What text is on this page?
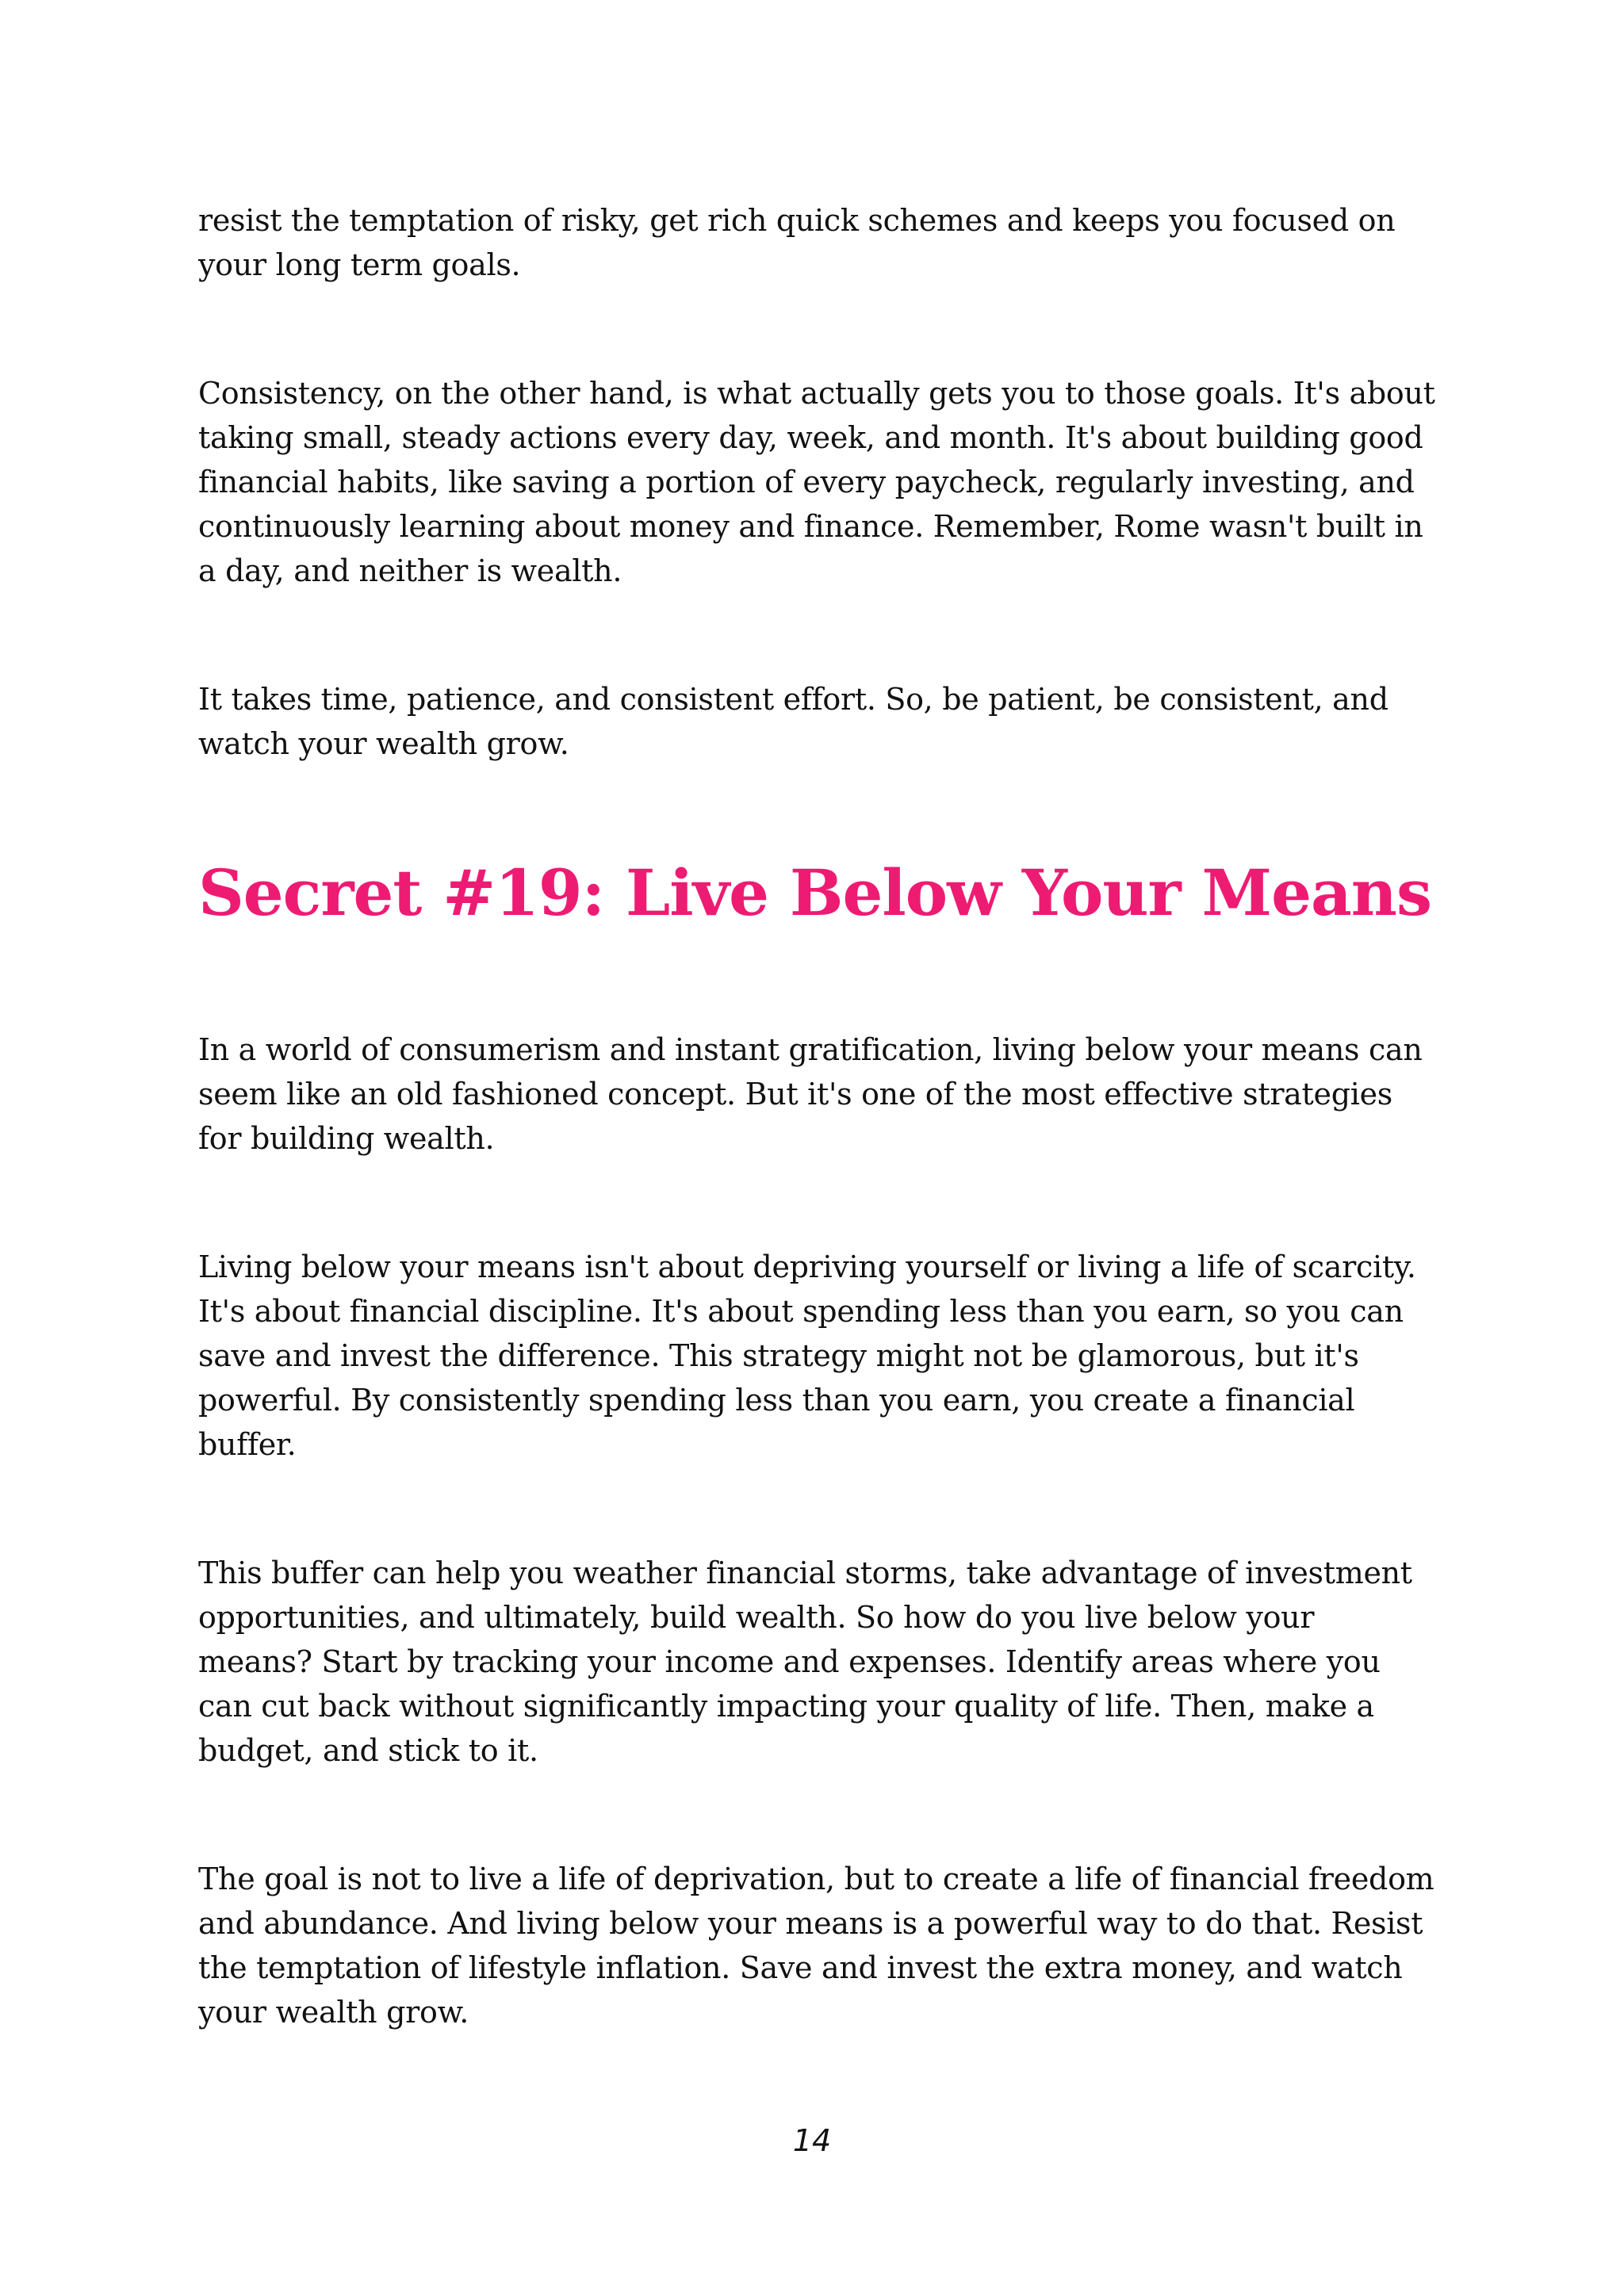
resist the temptation of risky, get rich quick schemes and keeps you focused on your long term goals.

Consistency, on the other hand, is what actually gets you to those goals. It's about taking small, steady actions every day, week, and month. It's about building good financial habits, like saving a portion of every paycheck, regularly investing, and continuously learning about money and finance. Remember, Rome wasn't built in a day, and neither is wealth.

It takes time, patience, and consistent effort. So, be patient, be consistent, and watch your wealth grow.

Secret #19: Live Below Your Means

In a world of consumerism and instant gratification, living below your means can seem like an old fashioned concept. But it's one of the most effective strategies for building wealth.

Living below your means isn't about depriving yourself or living a life of scarcity. It's about financial discipline. It's about spending less than you earn, so you can save and invest the difference. This strategy might not be glamorous, but it's powerful. By consistently spending less than you earn, you create a financial buffer.

This buffer can help you weather financial storms, take advantage of investment opportunities, and ultimately, build wealth. So how do you live below your means? Start by tracking your income and expenses. Identify areas where you can cut back without significantly impacting your quality of life. Then, make a budget, and stick to it.

The goal is not to live a life of deprivation, but to create a life of financial freedom and abundance. And living below your means is a powerful way to do that. Resist the temptation of lifestyle inflation. Save and invest the extra money, and watch your wealth grow.

14
